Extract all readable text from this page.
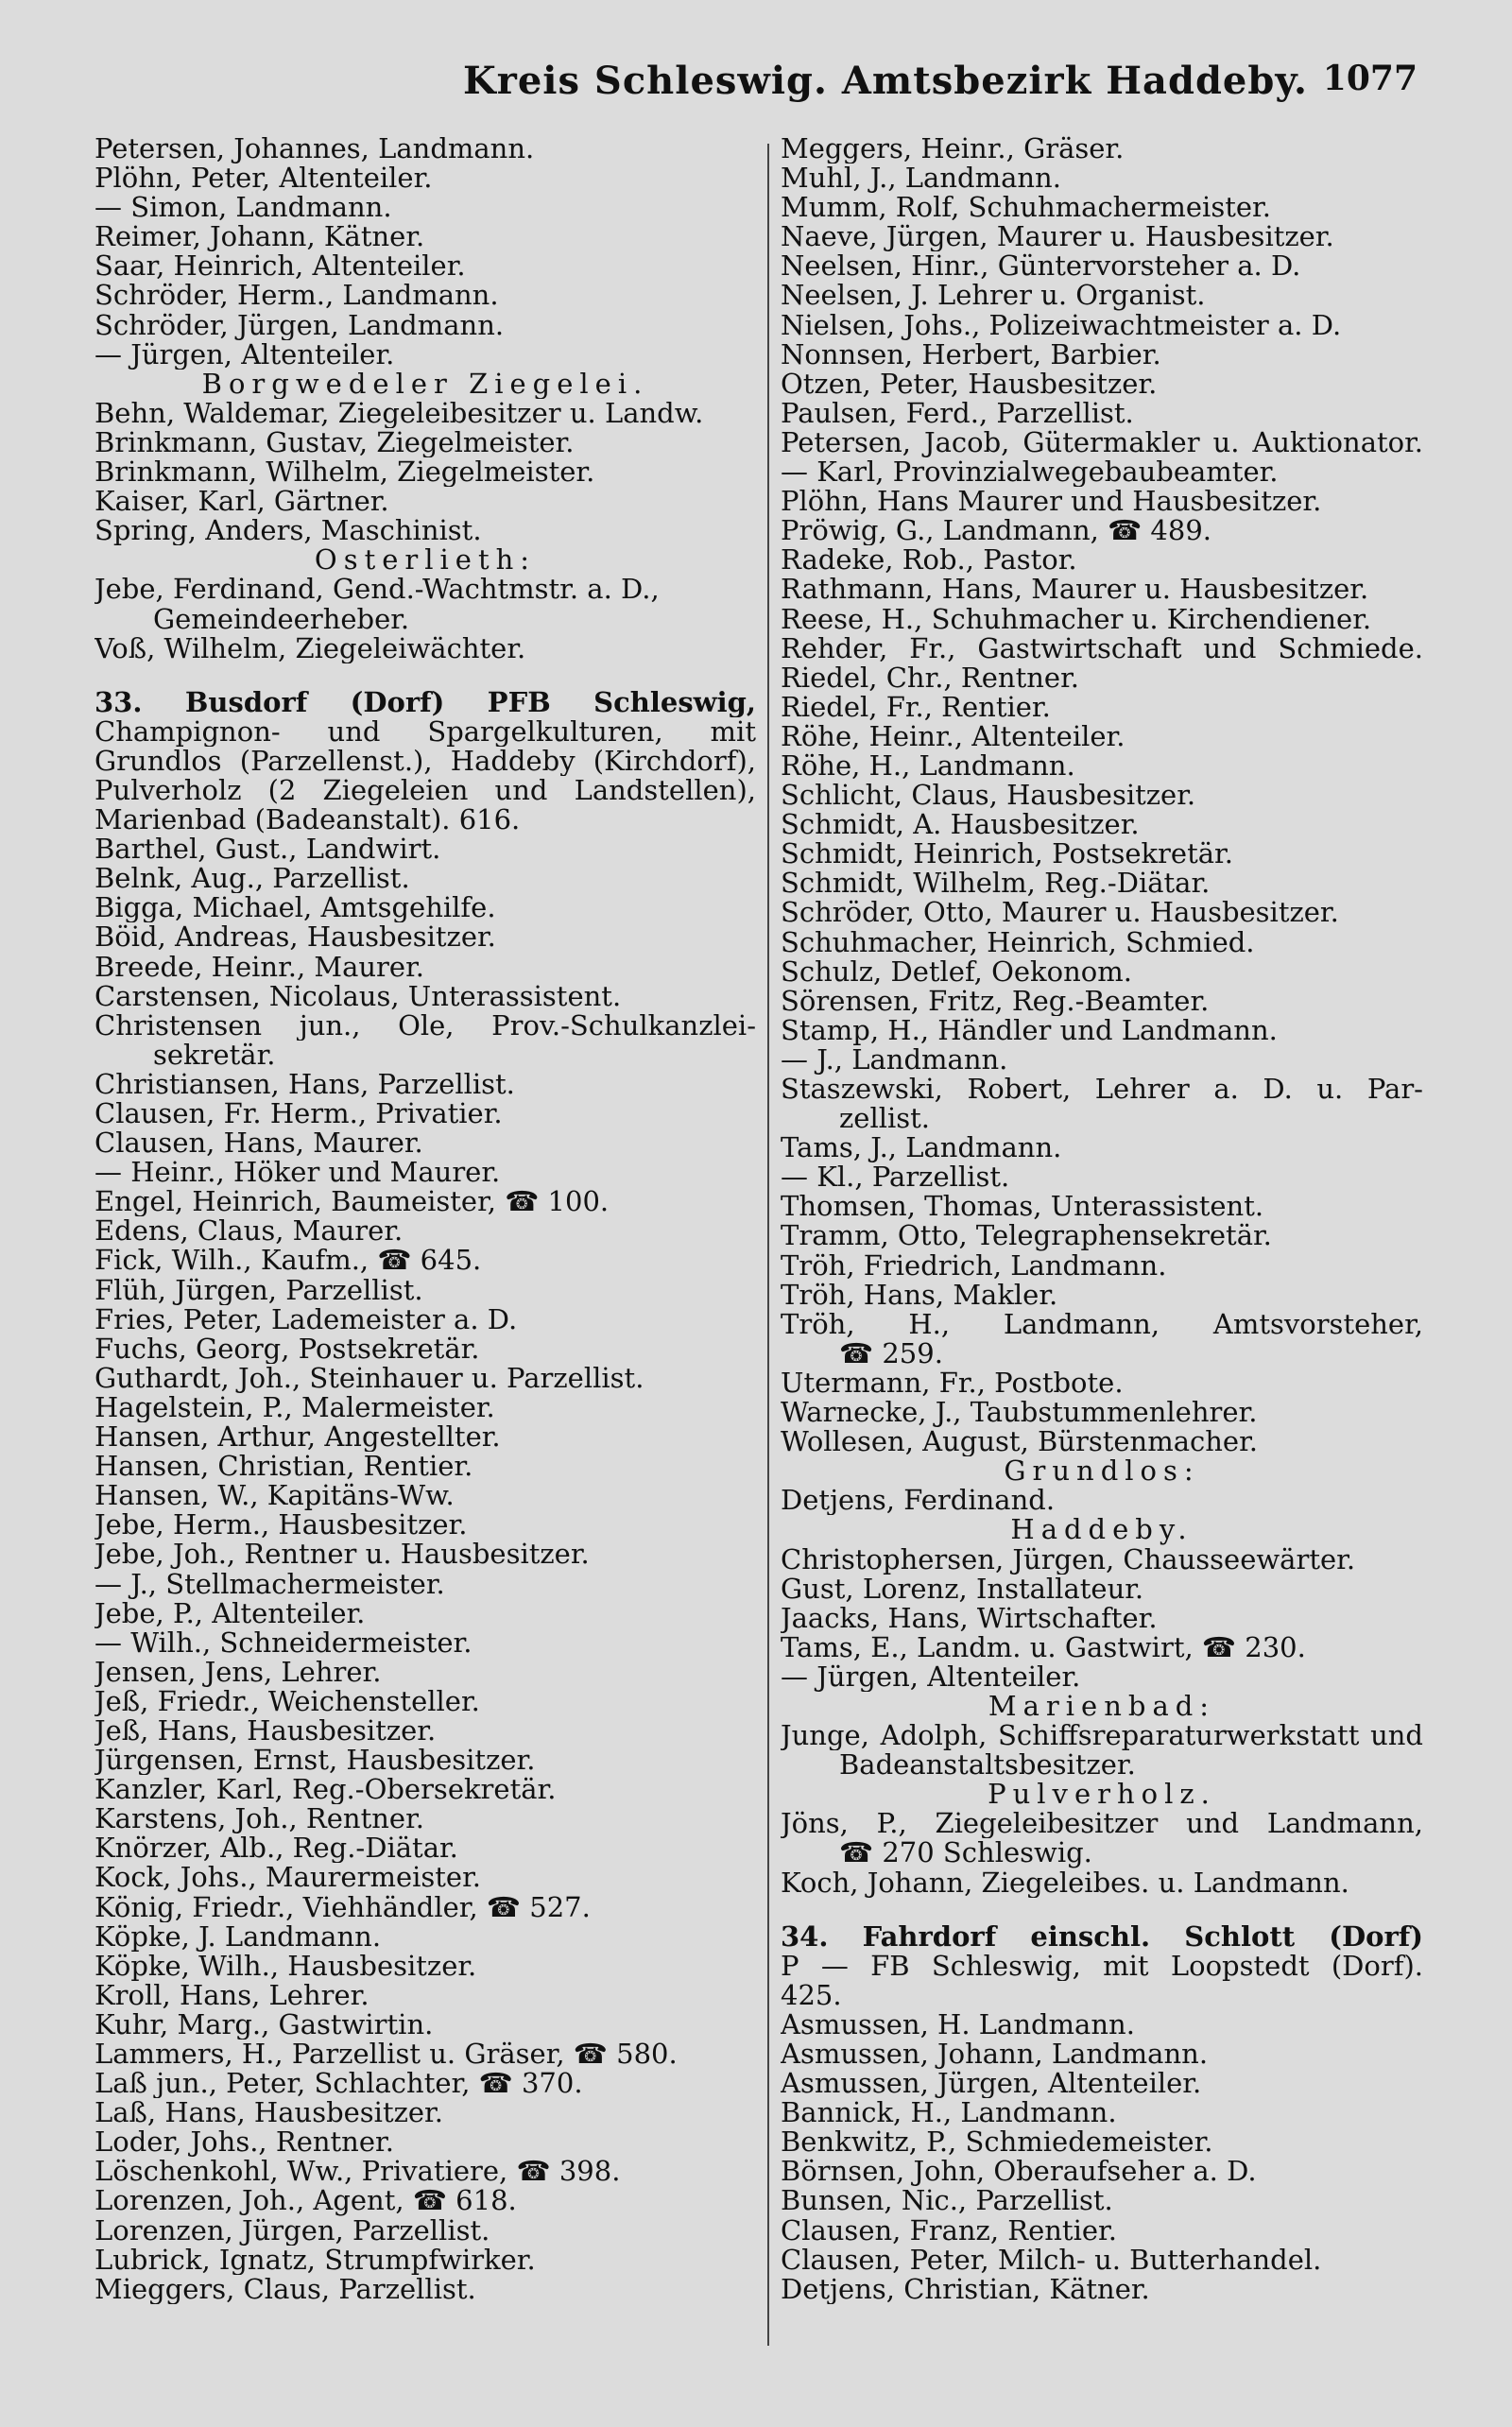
Kreis Schleswig. Amtsbezirk Haddeby. 1077
Petersen, Johannes, Landmann.
Plöhn, Peter, Altenteiler.
— Simon, Landmann.
Reimer, Johann, Kätner.
Saar, Heinrich, Altenteiler.
Schröder, Herm., Landmann.
Schröder, Jürgen, Landmann.
— Jürgen, Altenteiler.
Borgwedeler Ziegelei.
Behn, Waldemar, Ziegeleibesitzer u. Landw.
Brinkmann, Gustav, Ziegelmeister.
Brinkmann, Wilhelm, Ziegelmeister.
Kaiser, Karl, Gärtner.
Spring, Anders, Maschinist.
Osterlieth:
Jebe, Ferdinand, Gend.-Wachtmstr. a. D.,
Gemeindeerheber.
Voß, Wilhelm, Ziegeleiwächter.
33. Busdorf (Dorf) PFB Schleswig,
Champignon- und Spargelkulturen, mit
Grundlos (Parzellenst.), Haddeby (Kirchdorf),
Pulverholz (2 Ziegeleien und Landstellen),
Marienbad (Badeanstalt). 616.
Barthel, Gust., Landwirt.
Belnk, Aug., Parzellist.
Bigga, Michael, Amtsgehilfe.
Böid, Andreas, Hausbesitzer.
Breede, Heinr., Maurer.
Carstensen, Nicolaus, Unterassistent.
Christensen jun., Ole, Prov.-Schulkanzlei-
sekretär.
Christiansen, Hans, Parzellist.
Clausen, Fr. Herm., Privatier.
Clausen, Hans, Maurer.
— Heinr., Höker und Maurer.
Engel, Heinrich, Baumeister, ☎ 100.
Edens, Claus, Maurer.
Fick, Wilh., Kaufm., ☎ 645.
Flüh, Jürgen, Parzellist.
Fries, Peter, Lademeister a. D.
Fuchs, Georg, Postsekretär.
Guthardt, Joh., Steinhauer u. Parzellist.
Hagelstein, P., Malermeister.
Hansen, Arthur, Angestellter.
Hansen, Christian, Rentier.
Hansen, W., Kapitäns-Ww.
Jebe, Herm., Hausbesitzer.
Jebe, Joh., Rentner u. Hausbesitzer.
— J., Stellmachermeister.
Jebe, P., Altenteiler.
— Wilh., Schneidermeister.
Jensen, Jens, Lehrer.
Jeß, Friedr., Weichensteller.
Jeß, Hans, Hausbesitzer.
Jürgensen, Ernst, Hausbesitzer.
Kanzler, Karl, Reg.-Obersekretär.
Karstens, Joh., Rentner.
Knörzer, Alb., Reg.-Diätar.
Kock, Johs., Maurermeister.
König, Friedr., Viehhändler, ☎ 527.
Köpke, J. Landmann.
Köpke, Wilh., Hausbesitzer.
Kroll, Hans, Lehrer.
Kuhr, Marg., Gastwirtin.
Lammers, H., Parzellist u. Gräser, ☎ 580.
Laß jun., Peter, Schlachter, ☎ 370.
Laß, Hans, Hausbesitzer.
Loder, Johs., Rentner.
Löschenkohl, Ww., Privatiere, ☎ 398.
Lorenzen, Joh., Agent, ☎ 618.
Lorenzen, Jürgen, Parzellist.
Lubrick, Ignatz, Strumpfwirker.
Mieggers, Claus, Parzellist.
Meggers, Heinr., Gräser.
Muhl, J., Landmann.
Mumm, Rolf, Schuhmachermeister.
Naeve, Jürgen, Maurer u. Hausbesitzer.
Neelsen, Hinr., Güntervorsteher a. D.
Neelsen, J. Lehrer u. Organist.
Nielsen, Johs., Polizeiwachtmeister a. D.
Nonnsen, Herbert, Barbier.
Otzen, Peter, Hausbesitzer.
Paulsen, Ferd., Parzellist.
Petersen, Jacob, Gütermakler u. Auktionator.
— Karl, Provinzialwegebaubeamter.
Plöhn, Hans Maurer und Hausbesitzer.
Pröwig, G., Landmann, ☎ 489.
Radeke, Rob., Pastor.
Rathmann, Hans, Maurer u. Hausbesitzer.
Reese, H., Schuhmacher u. Kirchendiener.
Rehder, Fr., Gastwirtschaft und Schmiede.
Riedel, Chr., Rentner.
Riedel, Fr., Rentier.
Röhe, Heinr., Altenteiler.
Röhe, H., Landmann.
Schlicht, Claus, Hausbesitzer.
Schmidt, A. Hausbesitzer.
Schmidt, Heinrich, Postsekretär.
Schmidt, Wilhelm, Reg.-Diätar.
Schröder, Otto, Maurer u. Hausbesitzer.
Schuhmacher, Heinrich, Schmied.
Schulz, Detlef, Oekonom.
Sörensen, Fritz, Reg.-Beamter.
Stamp, H., Händler und Landmann.
— J., Landmann.
Staszewski, Robert, Lehrer a. D. u. Par-
zellist.
Tams, J., Landmann.
— Kl., Parzellist.
Thomsen, Thomas, Unterassistent.
Tramm, Otto, Telegraphensekretär.
Tröh, Friedrich, Landmann.
Tröh, Hans, Makler.
Tröh, H., Landmann, Amtsvorsteher,
☎ 259.
Utermann, Fr., Postbote.
Warnecke, J., Taubstummenlehrer.
Wollesen, August, Bürstenmacher.
Grundlos:
Detjens, Ferdinand.
Haddeby.
Christophersen, Jürgen, Chausseewärter.
Gust, Lorenz, Installateur.
Jaacks, Hans, Wirtschafter.
Tams, E., Landm. u. Gastwirt, ☎ 230.
— Jürgen, Altenteiler.
Marienbad:
Junge, Adolph, Schiffsreparaturwerkstatt und
Badeanstaltsbesitzer.
Pulverholz.
Jöns, P., Ziegeleibesitzer und Landmann,
☎ 270 Schleswig.
Koch, Johann, Ziegeleibes. u. Landmann.
34. Fahrdorf einschl. Schlott (Dorf)
P — FB Schleswig, mit Loopstedt (Dorf).
425.
Asmussen, H. Landmann.
Asmussen, Johann, Landmann.
Asmussen, Jürgen, Altenteiler.
Bannick, H., Landmann.
Benkwitz, P., Schmiedemeister.
Börnsen, John, Oberaufseher a. D.
Bunsen, Nic., Parzellist.
Clausen, Franz, Rentier.
Clausen, Peter, Milch- u. Butterhandel.
Detjens, Christian, Kätner.
